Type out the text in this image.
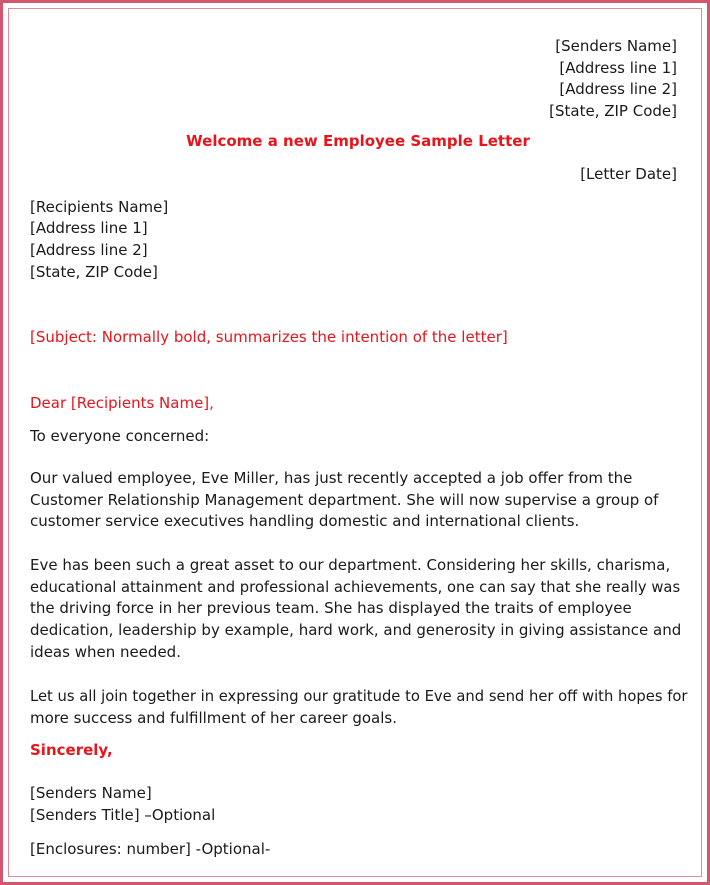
[Senders Name]
[Address line 1]
[Address line 2]
[State, ZIP Code]
Welcome a new Employee Sample Letter
[Letter Date]
[Recipients Name]
[Address line 1]
[Address line 2]
[State, ZIP Code]
[Subject: Normally bold, summarizes the intention of the letter]
Dear [Recipients Name],
To everyone concerned:
Our valued employee, Eve Miller, has just recently accepted a job offer from the
Customer Relationship Management department. She will now supervise a group of
customer service executives handling domestic and international clients.
Eve has been such a great asset to our department. Considering her skills, charisma,
educational attainment and professional achievements, one can say that she really was
the driving force in her previous team. She has displayed the traits of employee
dedication, leadership by example, hard work, and generosity in giving assistance and
ideas when needed.
Let us all join together in expressing our gratitude to Eve and send her off with hopes for
more success and fulfillment of her career goals.
Sincerely,
[Senders Name]
[Senders Title] –Optional
[Enclosures: number] -Optional-
